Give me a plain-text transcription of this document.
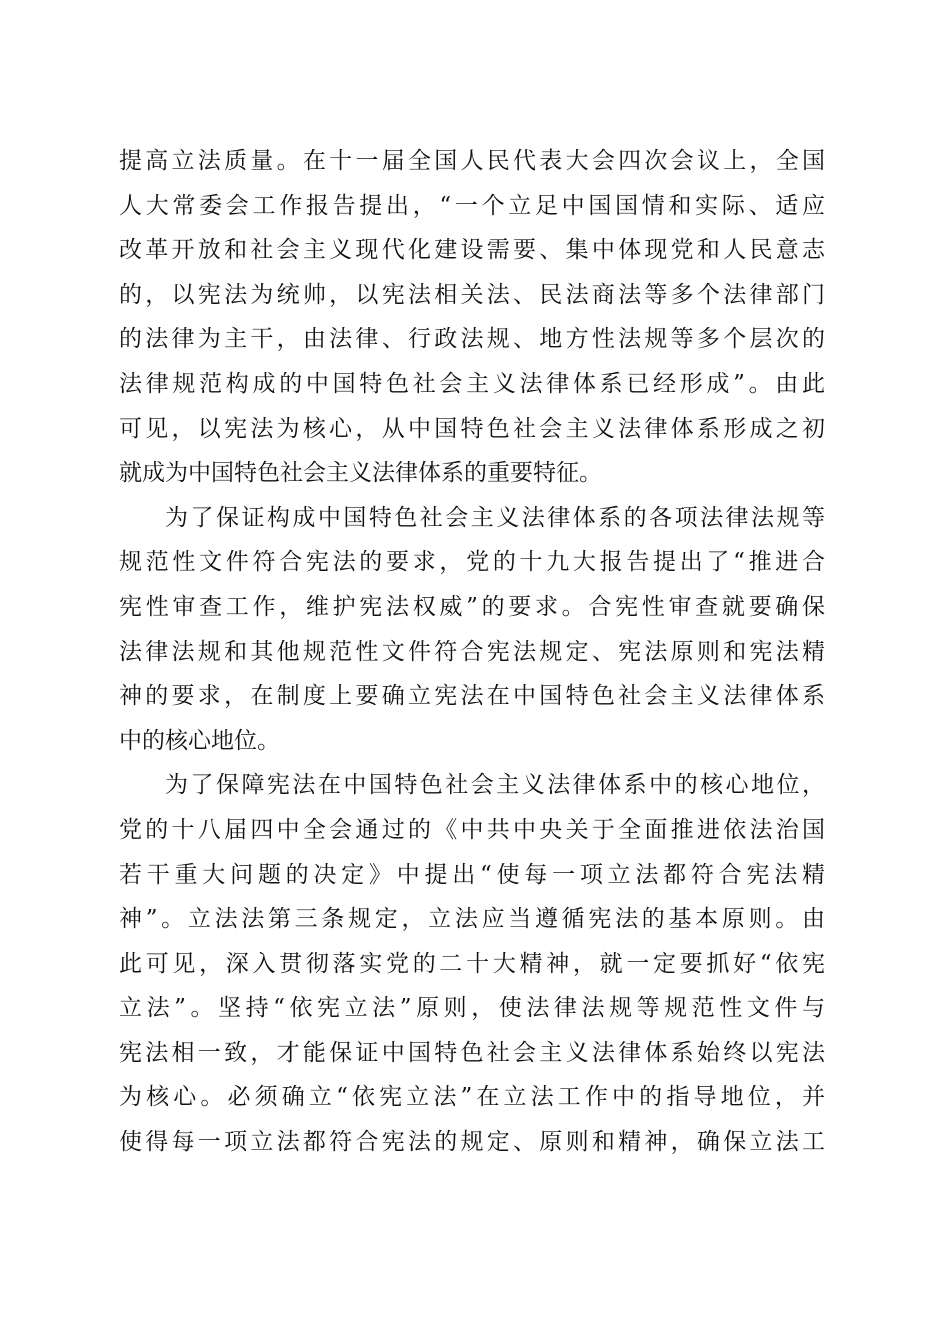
提高立法质量。在十一届全国人民代表大会四次会议上，全国
人大常委会工作报告提出，“一个立足中国国情和实际、适应
改革开放和社会主义现代化建设需要、集中体现党和人民意志
的，以宪法为统帅，以宪法相关法、民法商法等多个法律部门
的法律为主干，由法律、行政法规、地方性法规等多个层次的
法律规范构成的中国特色社会主义法律体系已经形成”。由此
可见，以宪法为核心，从中国特色社会主义法律体系形成之初
就成为中国特色社会主义法律体系的重要特征。
为了保证构成中国特色社会主义法律体系的各项法律法规等
规范性文件符合宪法的要求，党的十九大报告提出了“推进合
宪性审查工作，维护宪法权威”的要求。合宪性审查就要确保
法律法规和其他规范性文件符合宪法规定、宪法原则和宪法精
神的要求，在制度上要确立宪法在中国特色社会主义法律体系
中的核心地位。
为了保障宪法在中国特色社会主义法律体系中的核心地位，
党的十八届四中全会通过的《中共中央关于全面推进依法治国
若干重大问题的决定》中提出“使每一项立法都符合宪法精
神”。立法法第三条规定，立法应当遵循宪法的基本原则。由
此可见，深入贯彻落实党的二十大精神，就一定要抓好“依宪
立法”。坚持“依宪立法”原则，使法律法规等规范性文件与
宪法相一致，才能保证中国特色社会主义法律体系始终以宪法
为核心。必须确立“依宪立法”在立法工作中的指导地位，并
使得每一项立法都符合宪法的规定、原则和精神，确保立法工
